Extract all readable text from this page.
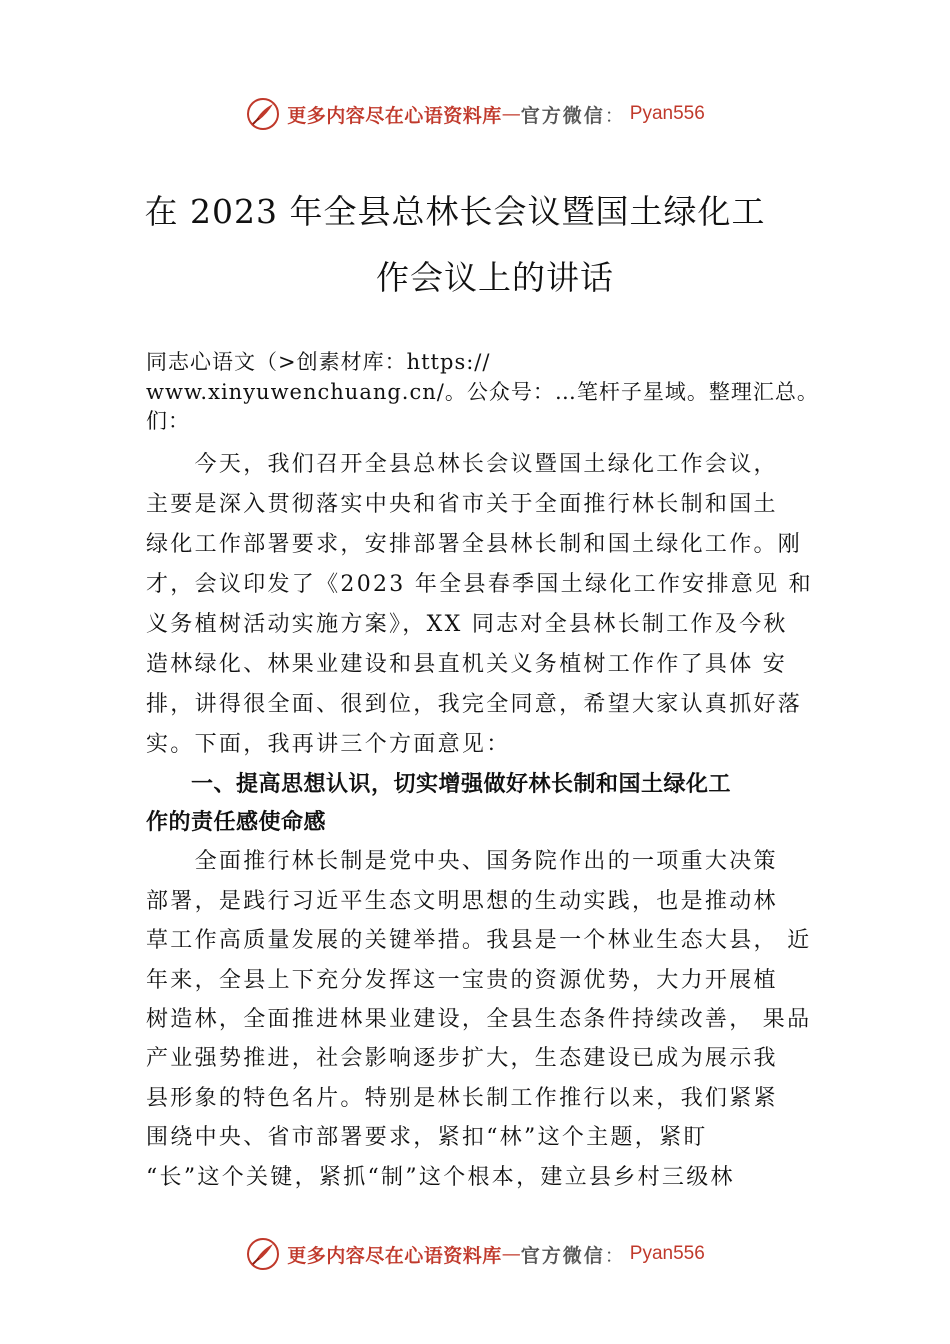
更多内容尽在心语资料库 — 官方微信 ： Pyan556
在 2023 年全县总林长会议暨国土绿化工
作会议上的讲话
同志心语文（>创素材库：https://
www.xinyuwenchuang.cn/。公众号：…笔杆子星域。整理汇总。
们：
　　今天，我们召开全县总林长会议暨国土绿化工作会议，
主要是深入贯彻落实中央和省市关于全面推行林长制和国土
绿化工作部署要求，安排部署全县林长制和国土绿化工作。刚
才，会议印发了《2023 年全县春季国土绿化工作安排意见 和
义务植树活动实施方案》，XX 同志对全县林长制工作及今秋
造林绿化、林果业建设和县直机关义务植树工作作了具体 安
排，讲得很全面、很到位，我完全同意，希望大家认真抓好落
实。下面，我再讲三个方面意见：
　　一、提高思想认识，切实增强做好林长制和国土绿化工
作的责任感使命感
　　全面推行林长制是党中央、国务院作出的一项重大决策
部署，是践行习近平生态文明思想的生动实践，也是推动林
草工作高质量发展的关键举措。我县是一个林业生态大县， 近
年来，全县上下充分发挥这一宝贵的资源优势，大力开展植
树造林，全面推进林果业建设，全县生态条件持续改善， 果品
产业强势推进，社会影响逐步扩大，生态建设已成为展示我
县形象的特色名片。特别是林长制工作推行以来，我们紧紧
围绕中央、省市部署要求，紧扣“林”这个主题，紧盯
“长”这个关键，紧抓“制”这个根本，建立县乡村三级林
更多内容尽在心语资料库 — 官方微信 ： Pyan556
